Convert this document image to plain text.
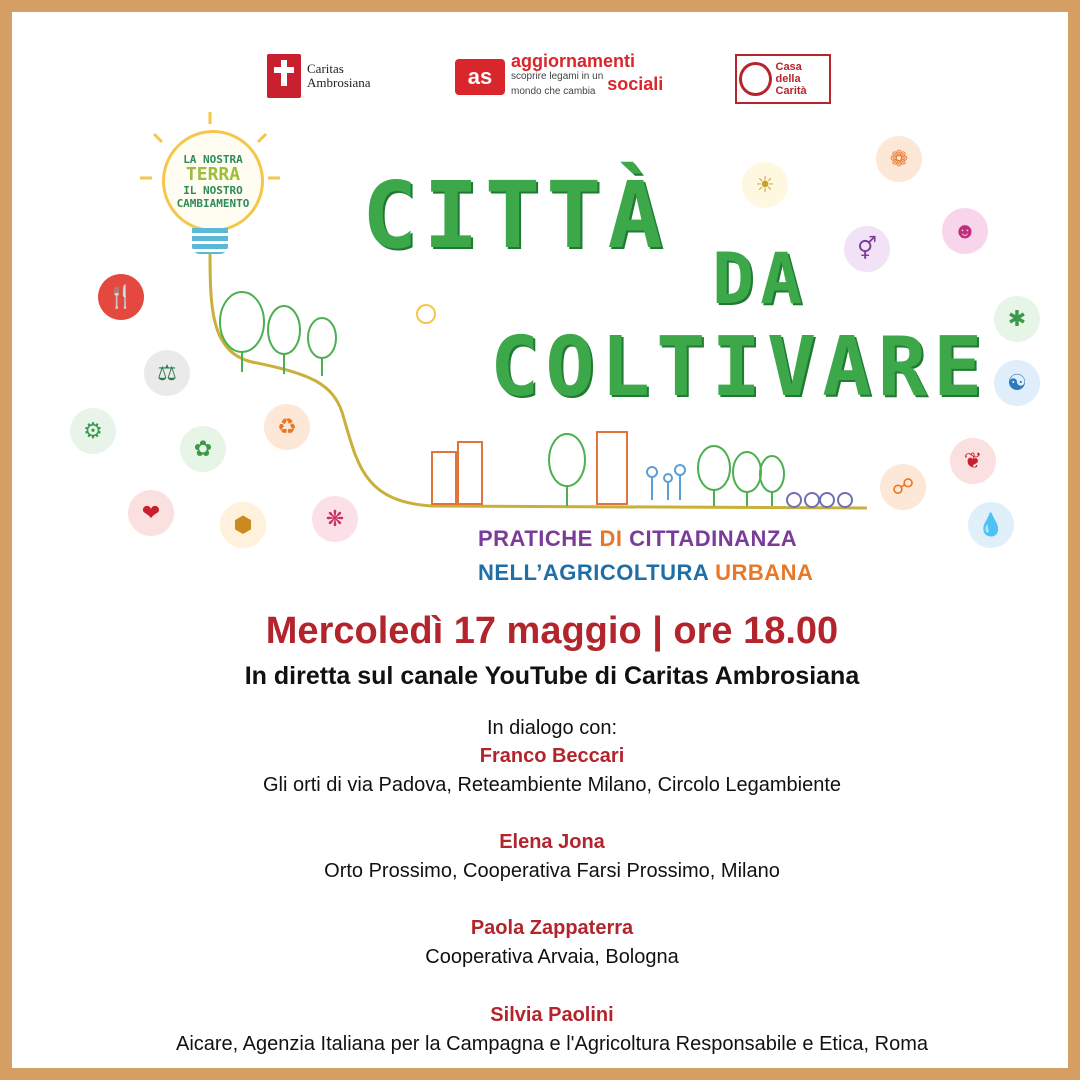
Caritas
Ambrosiana	as
aggiornamenti
scoprire legami in un
mondo che cambia sociali
Casa della
Carità
LA NOSTRA
TERRA
IL NOSTRO
CAMBIAMENTO CITTÀ
DA
COLTIVARE
PRATICHE DI CITTADINANZA
NELL’AGRICOLTURA URBANA
🍴
⚖
⚙
✿
♻
❤	⬢	❋
☀
❁
⚥
☻
✱
☯
❦
☍
💧
Mercoledì 17 maggio | ore 18.00
In diretta sul canale YouTube di Caritas Ambrosiana
In dialogo con:
Franco Beccari
Gli orti di via Padova, Reteambiente Milano, Circolo Legambiente
Elena Jona
Orto Prossimo, Cooperativa Farsi Prossimo, Milano
Paola Zappaterra
Cooperativa Arvaia, Bologna
Silvia Paolini
Aicare, Agenzia Italiana per la Campagna e l'Agricoltura Responsabile e Etica, Roma
